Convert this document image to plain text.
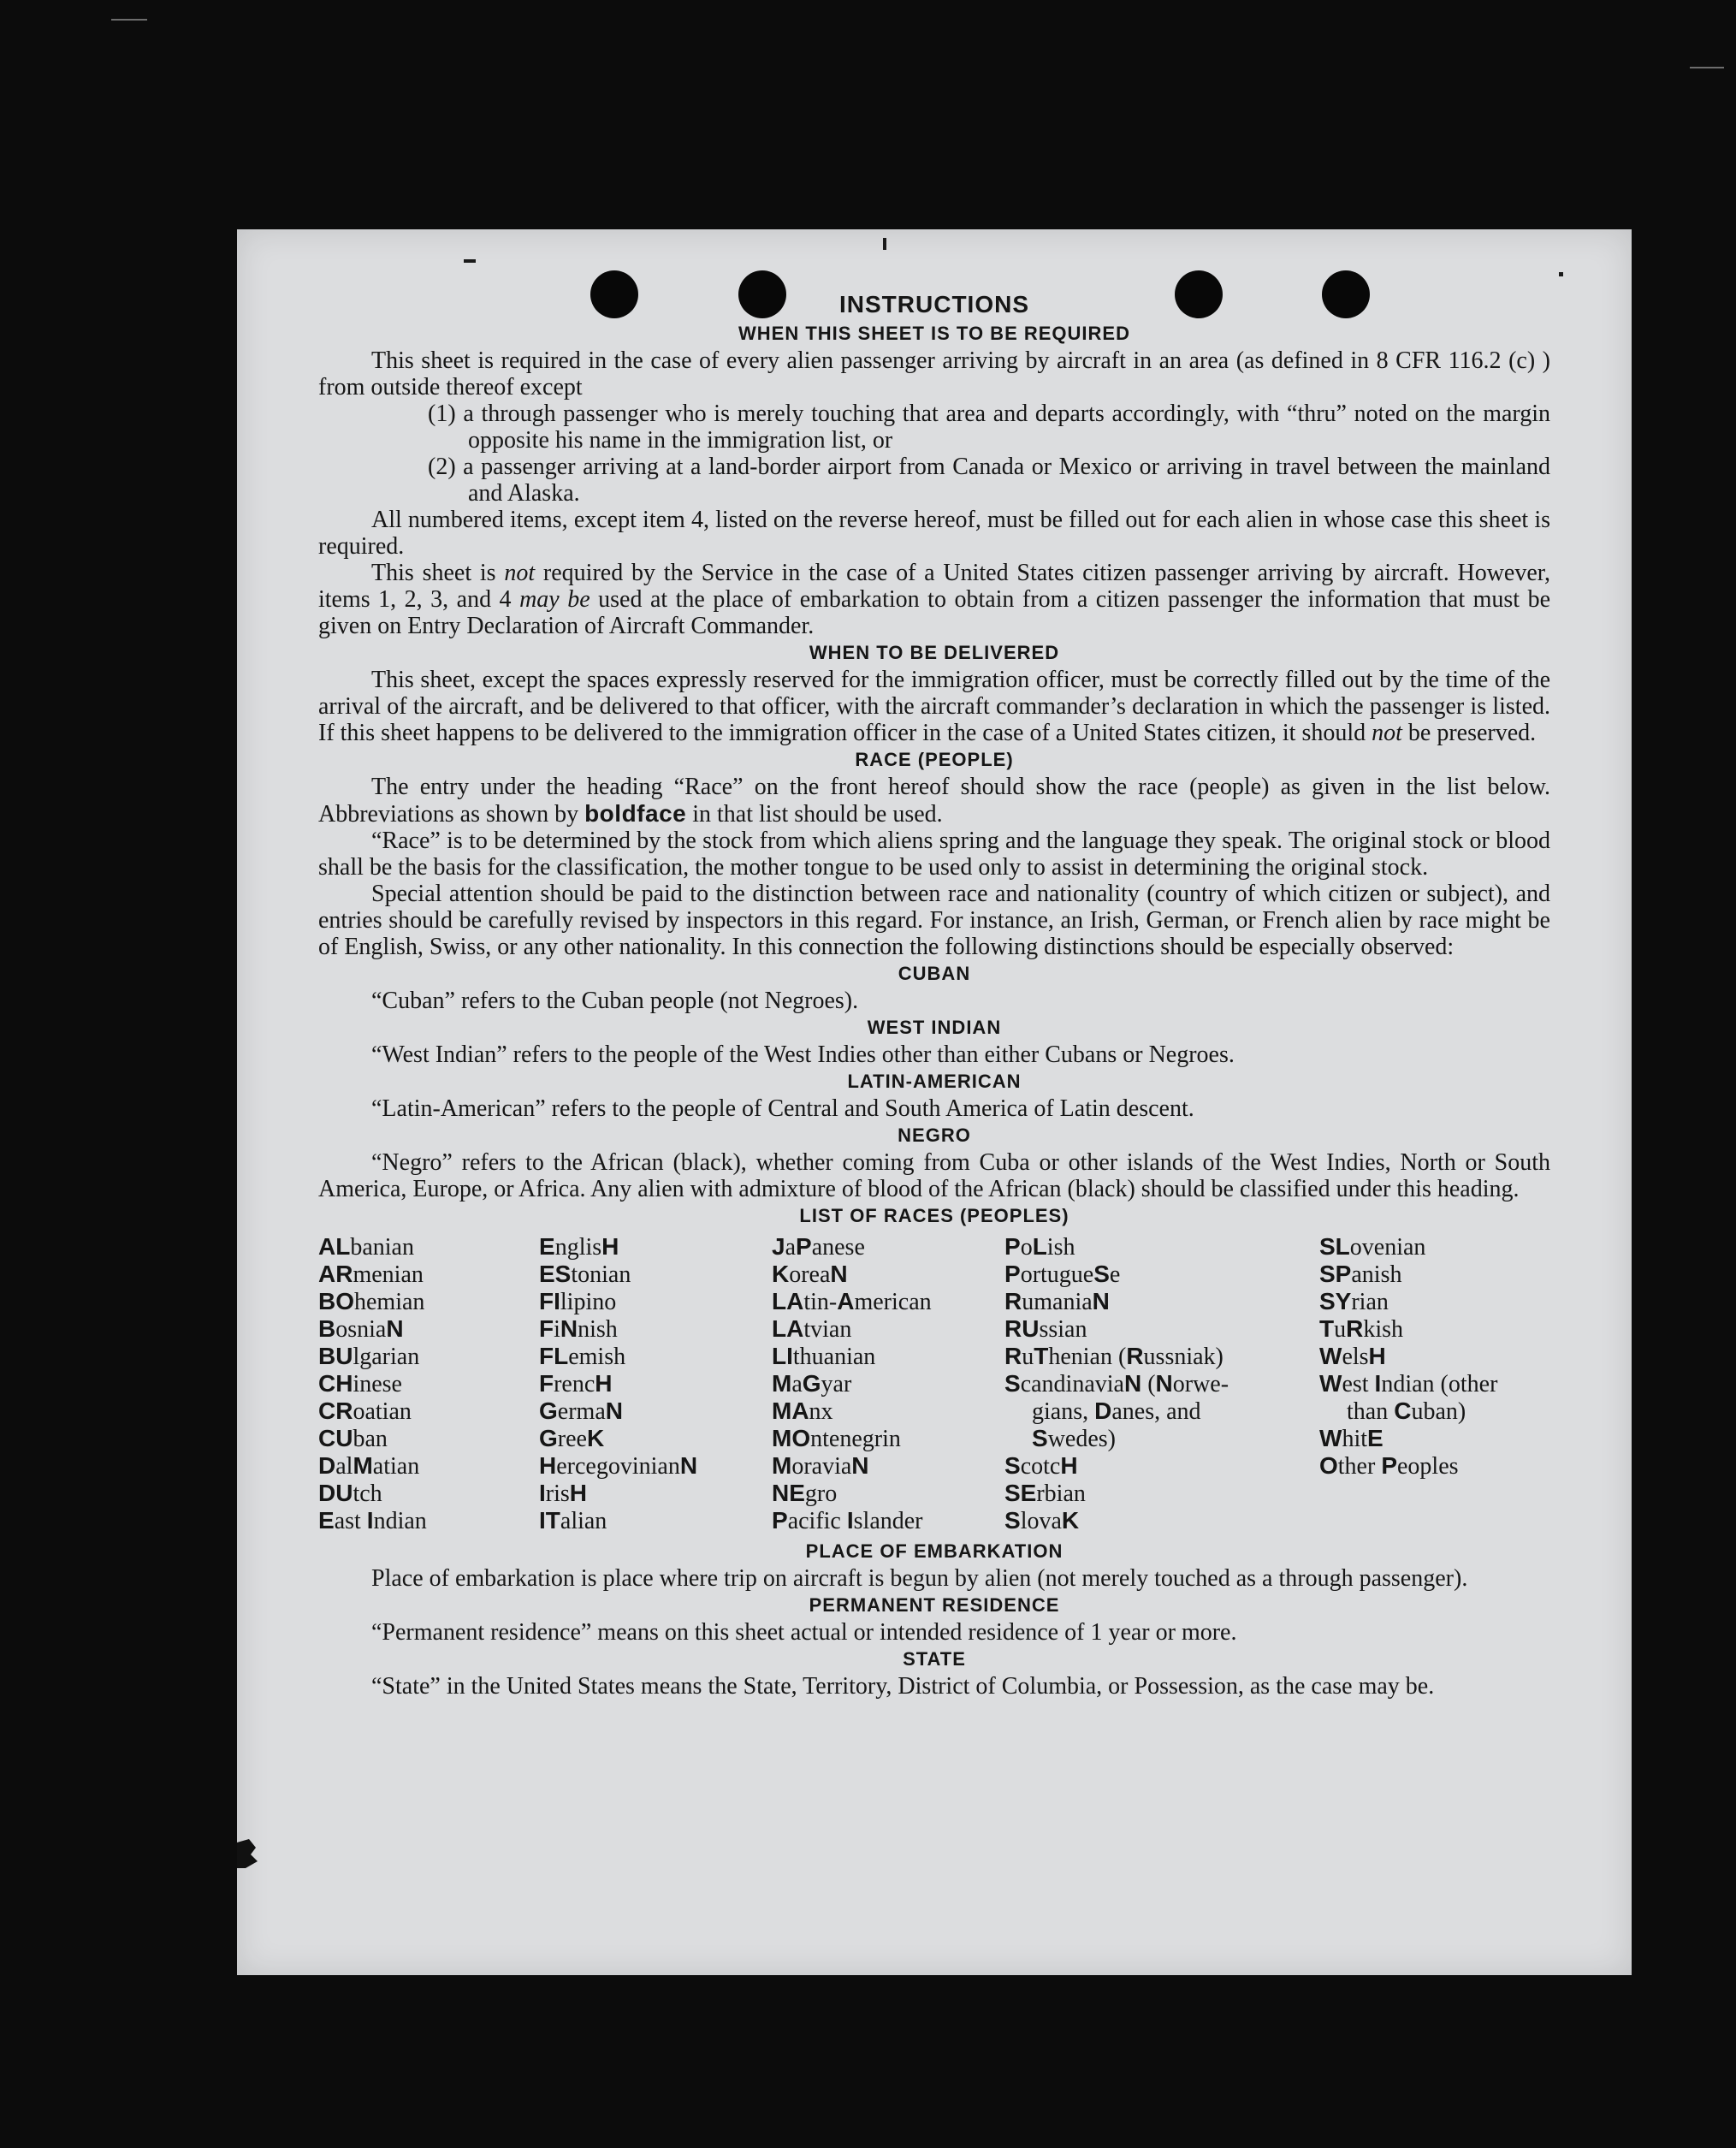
INSTRUCTIONS
WHEN THIS SHEET IS TO BE REQUIRED

This sheet is required in the case of every alien passenger arriving by aircraft in an area (as defined in 8 CFR 116.2 (c) ) from outside thereof except

(1) a through passenger who is merely touching that area and departs accordingly, with “thru” noted on the margin opposite his name in the immigration list, or

(2) a passenger arriving at a land-border airport from Canada or Mexico or arriving in travel between the mainland and Alaska.

All numbered items, except item 4, listed on the reverse hereof, must be filled out for each alien in whose case this sheet is required.

This sheet is not required by the Service in the case of a United States citizen passenger arriving by aircraft. However, items 1, 2, 3, and 4 may be used at the place of embarkation to obtain from a citizen passenger the information that must be given on Entry Declaration of Aircraft Commander.

WHEN TO BE DELIVERED

This sheet, except the spaces expressly reserved for the immigration officer, must be correctly filled out by the time of the arrival of the aircraft, and be delivered to that officer, with the aircraft commander’s declaration in which the passenger is listed. If this sheet happens to be delivered to the immigration officer in the case of a United States citizen, it should not be preserved.

RACE (PEOPLE)

The entry under the heading “Race” on the front hereof should show the race (people) as given in the list below. Abbreviations as shown by boldface in that list should be used.

“Race” is to be determined by the stock from which aliens spring and the language they speak. The original stock or blood shall be the basis for the classification, the mother tongue to be used only to assist in determining the original stock.

Special attention should be paid to the distinction between race and nationality (country of which citizen or subject), and entries should be carefully revised by inspectors in this regard. For instance, an Irish, German, or French alien by race might be of English, Swiss, or any other nationality. In this connection the following distinctions should be especially observed:

CUBAN

“Cuban” refers to the Cuban people (not Negroes).

WEST INDIAN

“West Indian” refers to the people of the West Indies other than either Cubans or Negroes.

LATIN-AMERICAN

“Latin-American” refers to the people of Central and South America of Latin descent.

NEGRO

“Negro” refers to the African (black), whether coming from Cuba or other islands of the West Indies, North or South America, Europe, or Africa. Any alien with admixture of blood of the African (black) should be classified under this heading.

LIST OF RACES (PEOPLES)
ALbanian
ARmenian
BOhemian
BosniaN
BUlgarian
CHinese
CRoatian
CUban
DalMatian
DUtch
East Indian
EnglisH
EStonian
FIlipino
FiNnish
FLemish
FrencH
GermaN
GreeK
HercegovinianN
IrisH
ITalian
JaPanese
KoreaN
LAtin-American
LAtvian
LIthuanian
MaGyar
MAnx
MOntenegrin
MoraviaN
NEgro
Pacific Islander
PoLish
PortugueSe
RumaniaN
RUssian
RuThenian (Russniak)
ScandinaviaN (Norwe-
gians, Danes, and
Swedes)
ScotcH
SErbian
SlovaK
SLovenian
SPanish
SYrian
TuRkish
WelsH
West Indian (other
than Cuban)
WhitE
Other Peoples
PLACE OF EMBARKATION

Place of embarkation is place where trip on aircraft is begun by alien (not merely touched as a through passenger).

PERMANENT RESIDENCE

“Permanent residence” means on this sheet actual or intended residence of 1 year or more.

STATE

“State” in the United States means the State, Territory, District of Columbia, or Possession, as the case may be.
